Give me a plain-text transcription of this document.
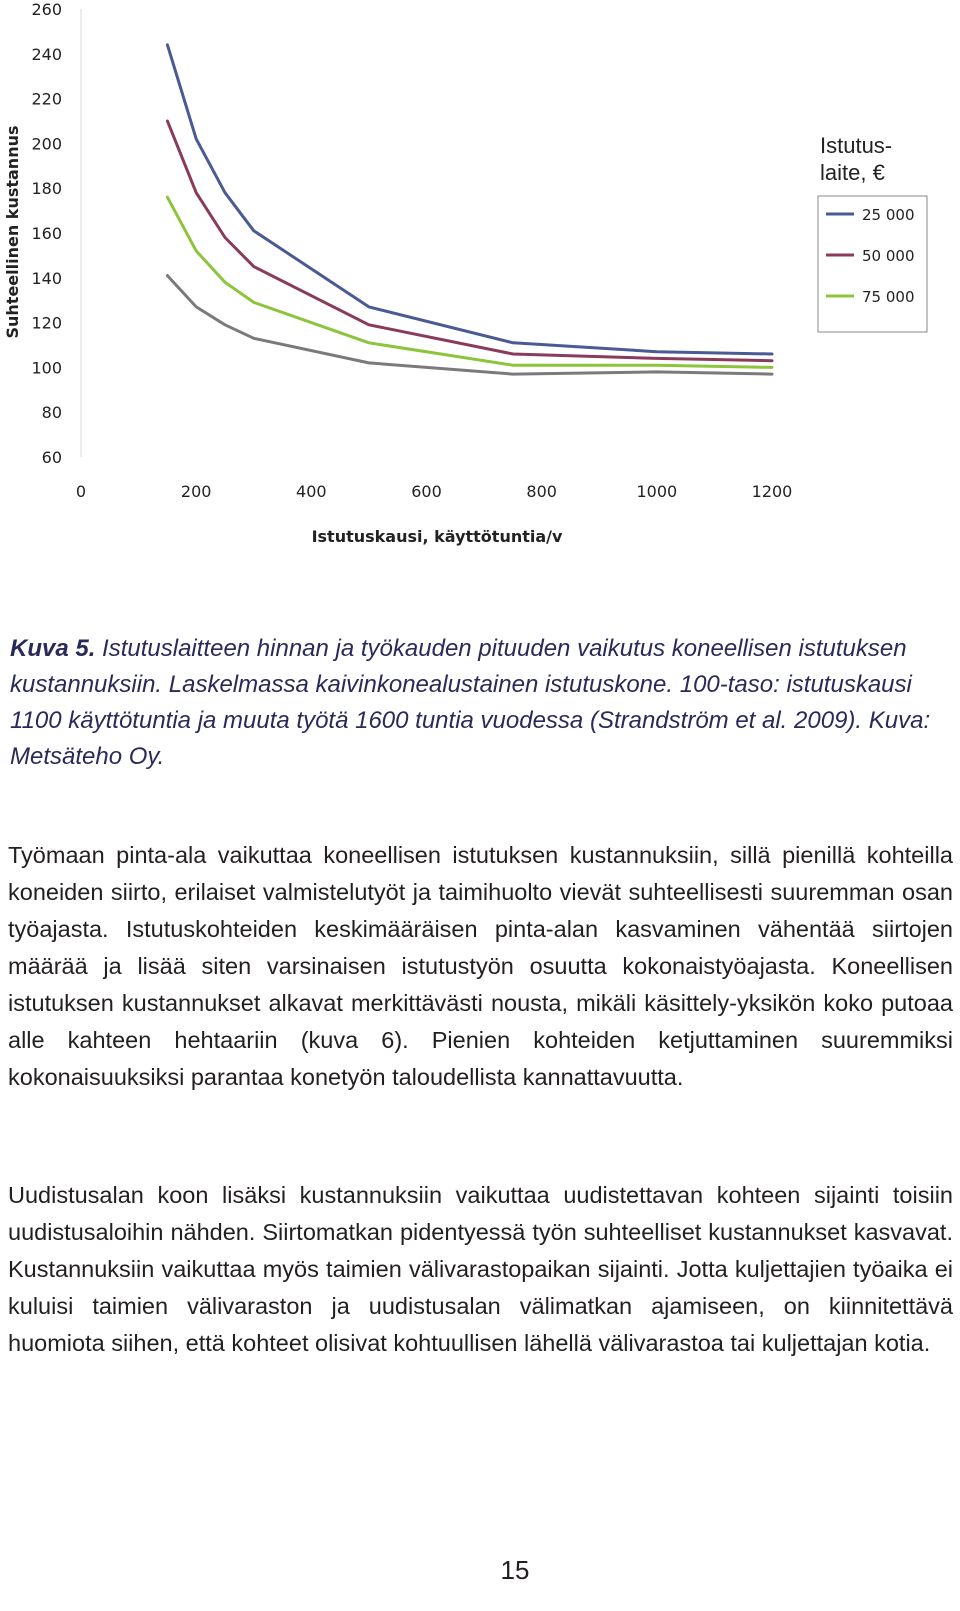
260
240
220
200
180
160
140
120
100
80
60
0	200	400	600	800	1000	1200
Suhteellinen kustannus
Istutuskausi, käyttötuntia/v
Istutus-laite, €
25 000
50 000
75 000

Kuva 5. Istutuslaitteen hinnan ja työkauden pituuden vaikutus koneellisen istutuksen kustannuksiin. Laskelmassa kaivinkonealustainen istutuskone. 100-taso: istutuskausi 1100 käyttötuntia ja muuta työtä 1600 tuntia vuodessa (Strandström et al. 2009). Kuva: Metsäteho Oy.

Työmaan pinta-ala vaikuttaa koneellisen istutuksen kustannuksiin, sillä pienillä kohteilla koneiden siirto, erilaiset valmistelutyöt ja taimihuolto vievät suhteellisesti suuremman osan työajasta. Istutuskohteiden keskimääräisen pinta-alan kasvaminen vähentää siirtojen määrää ja lisää siten varsinaisen istutustyön osuutta kokonaistyöajasta. Koneellisen istutuksen kustannukset alkavat merkittävästi nousta, mikäli käsittely-yksikön koko putoaa alle kahteen hehtaariin (kuva 6). Pienien kohteiden ketjuttaminen suuremmiksi kokonaisuuksiksi parantaa konetyön taloudellista kannattavuutta.

Uudistusalan koon lisäksi kustannuksiin vaikuttaa uudistettavan kohteen sijainti toisiin uudistusaloihin nähden. Siirtomatkan pidentyessä työn suhteelliset kustannukset kasvavat. Kustannuksiin vaikuttaa myös taimien välivarastopaikan sijainti. Jotta kuljettajien työaika ei kuluisi taimien välivaraston ja uudistusalan välimatkan ajamiseen, on kiinnitettävä huomiota siihen, että kohteet olisivat kohtuullisen lähellä välivarastoa tai kuljettajan kotia.

15
